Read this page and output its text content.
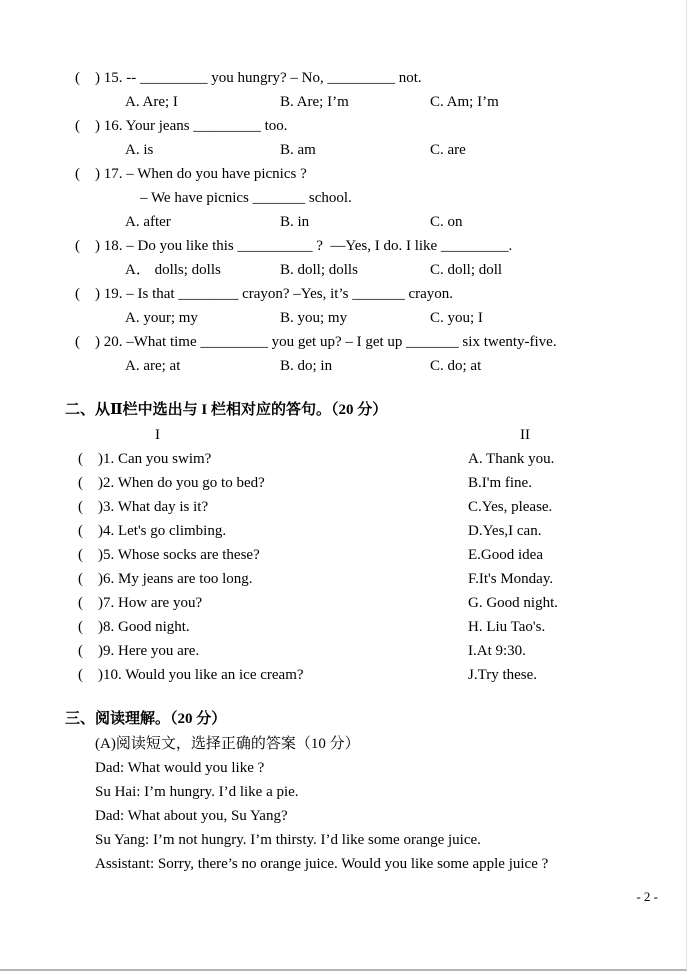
(    ) 15. -- _________ you hungry? – No, _________ not.
A. Are; I	B. Are; I’m	C. Am; I’m
(    ) 16. Your jeans _________ too.
A. is	B. am	C. are
(    ) 17. – When do you have picnics ?
– We have picnics _______ school.
A. after	B. in	C. on
(    ) 18. – Do you like this __________ ?  —Yes, I do. I like _________.
A． dolls; dolls	B. doll; dolls	C. doll; doll
(    ) 19. – Is that ________ crayon? –Yes, it’s _______ crayon.
A. your; my	B. you; my	C. you; I
(    ) 20. –What time _________ you get up? – I get up _______ six twenty-five.
A. are; at	B. do; in	C. do; at
二、从Ⅱ栏中选出与 I 栏相对应的答句。（20 分）
I	II
(    )1. Can you swim?	A. Thank you.
(    )2. When do you go to bed?	B.I'm fine.
(    )3. What day is it?	C.Yes, please.
(    )4. Let's go climbing.	D.Yes,I can.
(    )5. Whose socks are these?	E.Good idea
(    )6. My jeans are too long.	F.It's Monday.
(    )7. How are you?	G. Good night.
(    )8. Good night.	H. Liu Tao's.
(    )9. Here you are.	I.At 9:30.
(    )10. Would you like an ice cream?	J.Try these.
三、阅读理解。（20 分）
(A)阅读短文，选择正确的答案（10 分）
Dad: What would you like ?
Su Hai: I’m hungry. I’d like a pie.
Dad: What about you, Su Yang?
Su Yang: I’m not hungry. I’m thirsty. I’d like some orange juice.
Assistant: Sorry, there’s no orange juice. Would you like some apple juice ?
- 2 -
